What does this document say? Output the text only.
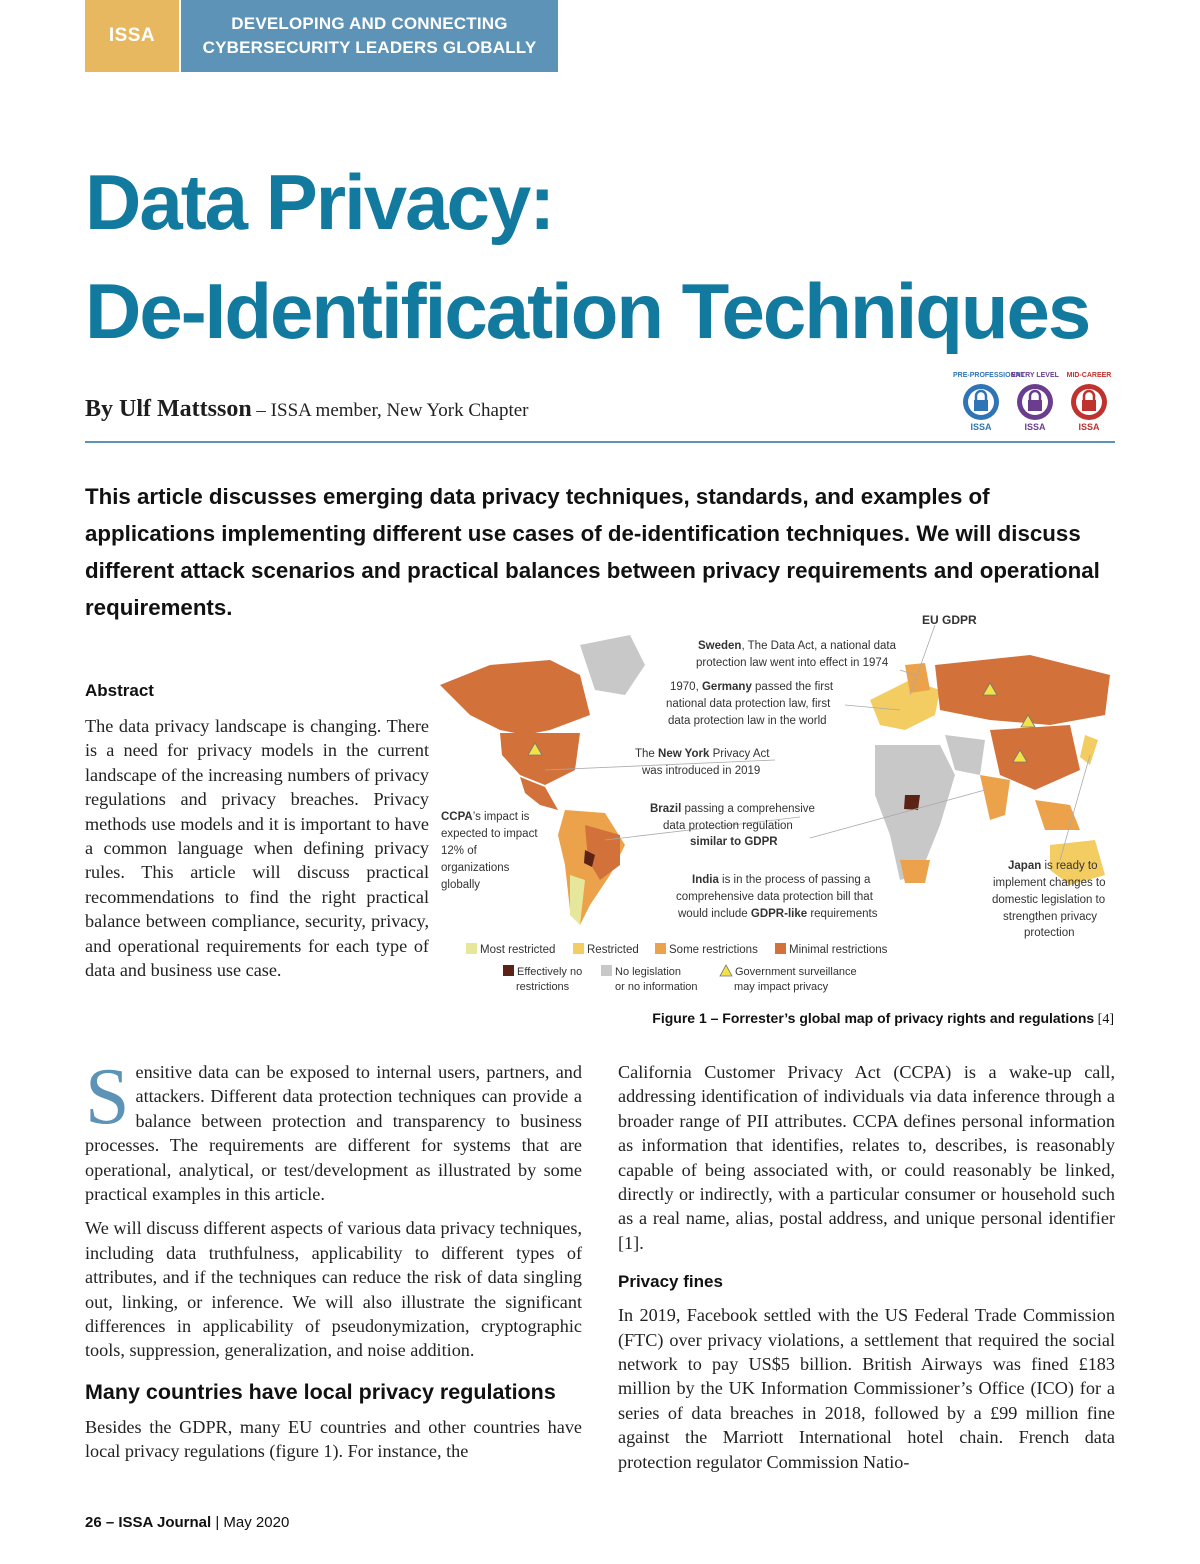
ISSA
DEVELOPING AND CONNECTING
CYBERSECURITY LEADERS GLOBALLY
Data Privacy:
De-Identification Techniques
By Ulf Mattsson – ISSA member, New York Chapter
PRE-PROFESSIONAL
ISSA
ENTRY LEVEL
ISSA
MID-CAREER
ISSA
This article discusses emerging data privacy techniques, standards, and examples of applications implementing different use cases of de-identification techniques. We will discuss different attack scenarios and practical balances between privacy requirements and operational requirements.
Abstract
The data privacy landscape is changing. There is a need for privacy models in the current landscape of the increasing numbers of privacy regulations and privacy breaches. Privacy methods use models and it is important to have a common language when defining privacy rules. This article will discuss practical recommendations to find the right practical balance between compliance, security, privacy, and operational requirements for each type of data and business use case.
EU GDPR
Sweden, The Data Act, a national data
protection law went into effect in 1974
1970, Germany passed the first
national data protection law, first
data protection law in the world
The New York Privacy Act
was introduced in 2019
Brazil passing a comprehensive
data protection regulation
similar to GDPR
CCPA’s impact is
expected to impact
12% of
organizations
globally	India is in the process of passing a
comprehensive data protection bill that
would include GDPR-like requirements
Japan is ready to
implement changes to
domestic legislation to
strengthen privacy
protection
Most restricted	Restricted	Some restrictions	Minimal restrictions
Effectively no
restrictions
No legislation
or no information
Government surveillance
may impact privacy
Figure 1 – Forrester’s global map of privacy rights and regulations [4]

Sensitive data can be exposed to internal users, partners, and attackers. Different data protection techniques can provide a balance between protection and transparency to business processes. The requirements are different for systems that are operational, analytical, or test/development as illustrated by some practical examples in this article.

We will discuss different aspects of various data privacy techniques, including data truthfulness, applicability to different types of attributes, and if the techniques can reduce the risk of data singling out, linking, or inference. We will also illustrate the significant differences in applicability of pseudonymization, cryptographic tools, suppression, generalization, and noise addition.

Many countries have local privacy regulations

Besides the GDPR, many EU countries and other countries have local privacy regulations (figure 1). For instance, the

California Customer Privacy Act (CCPA) is a wake-up call, addressing identification of individuals via data inference through a broader range of PII attributes. CCPA defines personal information as information that identifies, relates to, describes, is reasonably capable of being associated with, or could reasonably be linked, directly or indirectly, with a particular consumer or household such as a real name, alias, postal address, and unique personal identifier [1].

Privacy fines

In 2019, Facebook settled with the US Federal Trade Commission (FTC) over privacy violations, a settlement that required the social network to pay US$5 billion. British Airways was fined £183 million by the UK Information Commissioner’s Office (ICO) for a series of data breaches in 2018, followed by a £99 million fine against the Marriott International hotel chain. French data protection regulator Commission Natio-

26 – ISSA Journal | May 2020
